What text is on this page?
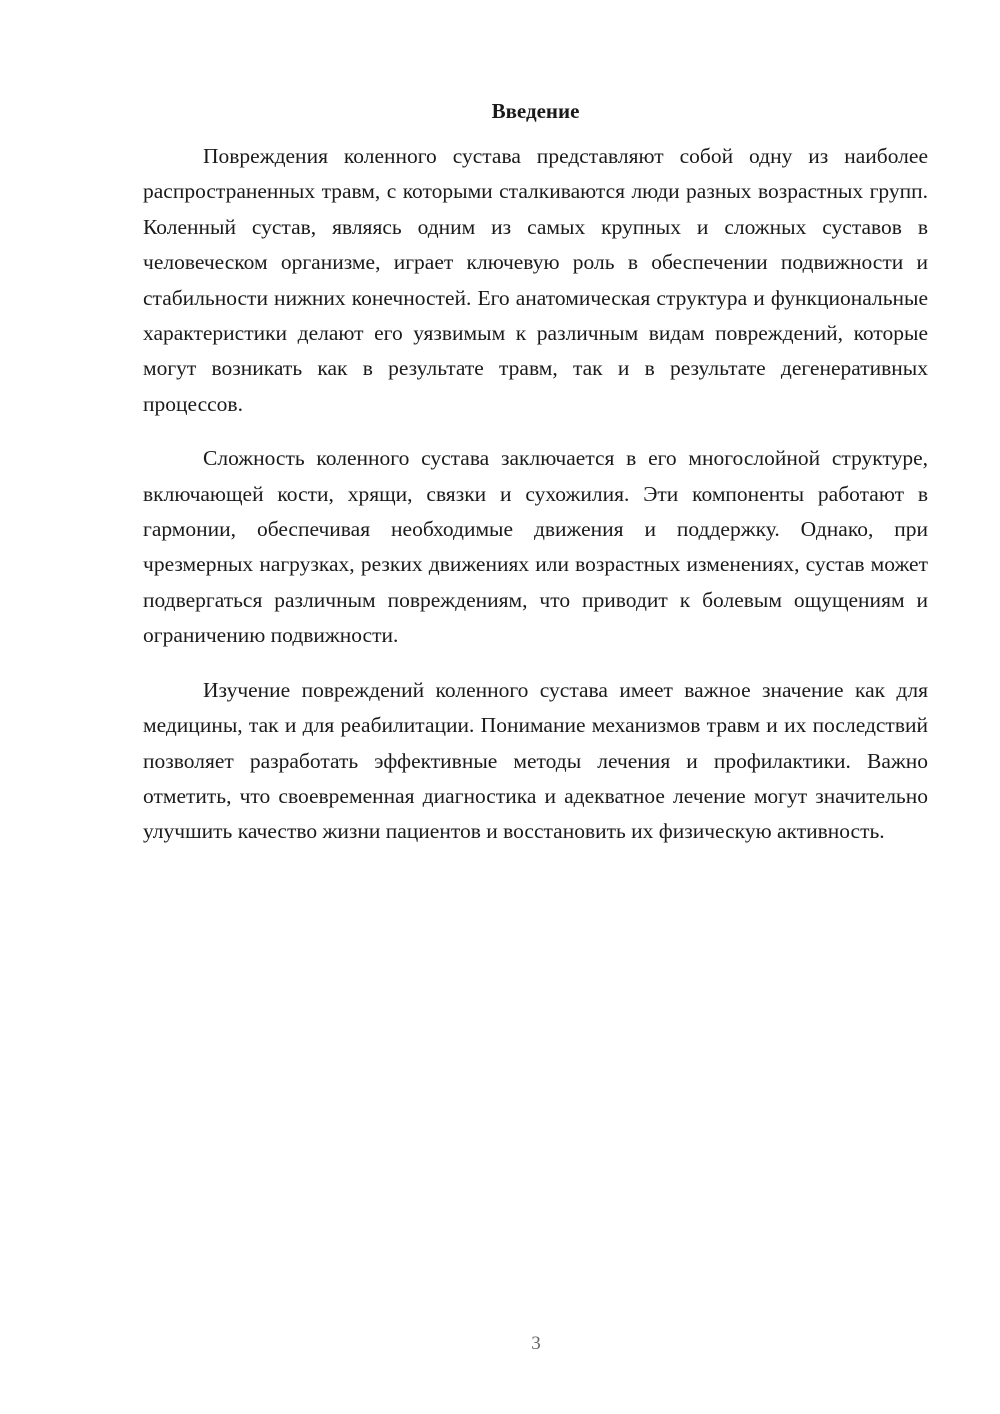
Введение

Повреждения коленного сустава представляют собой одну из наиболее распространенных травм, с которыми сталкиваются люди разных возрастных групп. Коленный сустав, являясь одним из самых крупных и сложных суставов в человеческом организме, играет ключевую роль в обеспечении подвижности и стабильности нижних конечностей. Его анатомическая структура и функциональные характеристики делают его уязвимым к различным видам повреждений, которые могут возникать как в результате травм, так и в результате дегенеративных процессов.

Сложность коленного сустава заключается в его многослойной структуре, включающей кости, хрящи, связки и сухожилия. Эти компоненты работают в гармонии, обеспечивая необходимые движения и поддержку. Однако, при чрезмерных нагрузках, резких движениях или возрастных изменениях, сустав может подвергаться различным повреждениям, что приводит к болевым ощущениям и ограничению подвижности.

Изучение повреждений коленного сустава имеет важное значение как для медицины, так и для реабилитации. Понимание механизмов травм и их последствий позволяет разработать эффективные методы лечения и профилактики. Важно отметить, что своевременная диагностика и адекватное лечение могут значительно улучшить качество жизни пациентов и восстановить их физическую активность.

3
